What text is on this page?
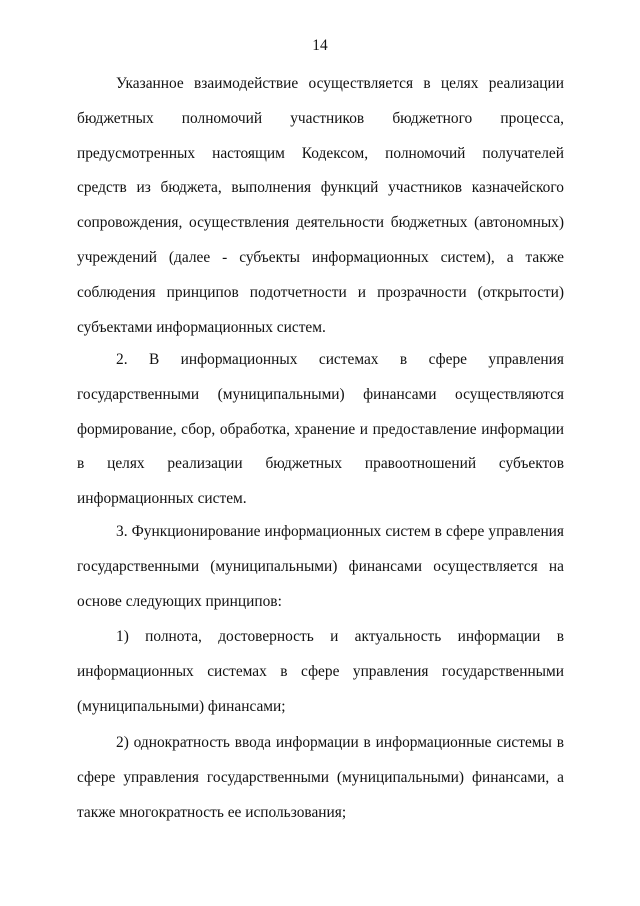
14

Указанное взаимодействие осуществляется в целях реализации бюджетных полномочий участников бюджетного процесса, предусмотренных настоящим Кодексом, полномочий получателей средств из бюджета, выполнения функций участников казначейского сопровождения, осуществления деятельности бюджетных (автономных) учреждений (далее - субъекты информационных систем), а также соблюдения принципов подотчетности и прозрачности (открытости) субъектами информационных систем.

2. В информационных системах в сфере управления государственными (муниципальными) финансами осуществляются формирование, сбор, обработка, хранение и предоставление информации в целях реализации бюджетных правоотношений субъектов информационных систем.

3. Функционирование информационных систем в сфере управления государственными (муниципальными) финансами осуществляется на основе следующих принципов:

1) полнота, достоверность и актуальность информации в информационных системах в сфере управления государственными (муниципальными) финансами;

2) однократность ввода информации в информационные системы в сфере управления государственными (муниципальными) финансами, а также многократность ее использования;
